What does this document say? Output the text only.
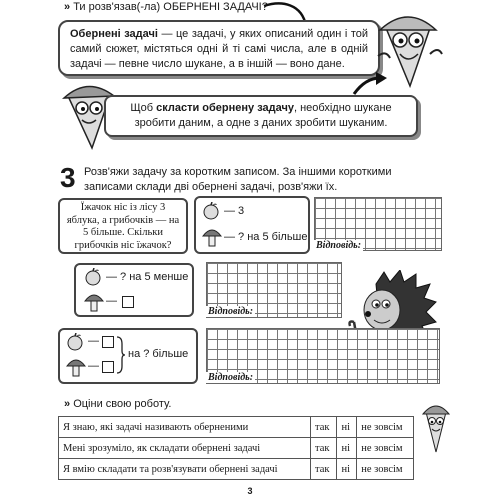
» Ти розв'язав(-ла) ОБЕРНЕНІ ЗАДАЧІ?
Обернені задачі — це задачі, у яких описаний один і той самий сюжет, містяться одні й ті самі числа, але в одній задачі — певне число шукане, а в іншій — воно дане.
Щоб скласти обернену задачу, необхідно шукане зробити даним, а одне з даних зробити шуканим.
3 Розв'яжи задачу за коротким записом. За іншими короткими записами склади дві обернені задачі, розв'яжи їх.
Їжачок ніс із лісу 3 яблука, а грибочків — на 5 більше. Скільки грибочків ніс їжачок?
— 3
— ? на 5 більше
Відповідь:
— ? на 5 менше
—
Відповідь:
—
—
на ? більше
Відповідь:
» Оціни свою роботу.
Я знаю, які задачі називають оберненими	так	ні	не зовсім
Мені зрозуміло, як складати обернені задачі	так	ні	не зовсім
Я вмію складати та розв'язувати обернені задачі	так	ні	не зовсім
3
